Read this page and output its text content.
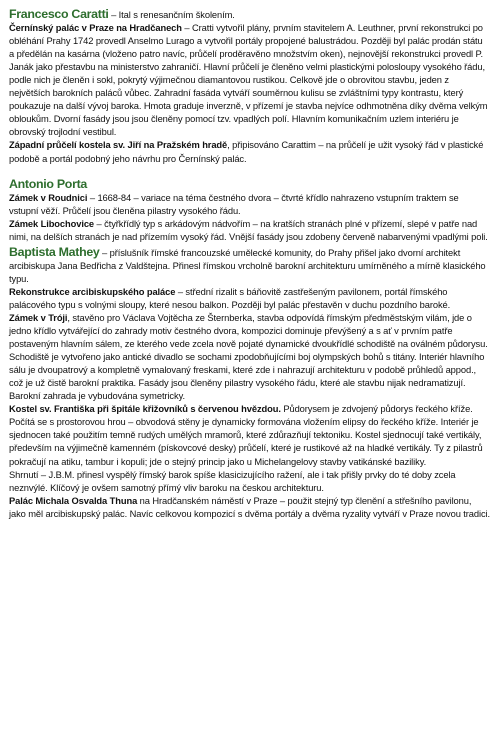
Francesco Caratti – Ital s renesančním školením.

Černínský palác v Praze na Hradčanech – Cratti vytvořil plány, prvním stavitelem A. Leuthner, první rekonstrukci po obléhání Prahy 1742 provedl Anselmo Lurago a vytvořil portály propojené balustrádou. Později byl palác prodán státu a předělán na kasárna (vloženo patro navíc, průčelí proděravěno množstvím oken), nejnovější rekonstrukci provedl P. Janák jako přestavbu na ministerstvo zahraničí. Hlavní průčelí je členěno velmi plastickými polosloupy vysokého řádu, podle nich je členěn i sokl, pokrytý výjimečnou diamantovou rustikou. Celkově jde o obrovitou stavbu, jeden z největších barokních paláců vůbec. Zahradní fasáda vytváří souměrnou kulisu se zvláštními typy kontrastu, který poukazuje na další vývoj baroka. Hmota graduje inverzně, v přízemí je stavba nejvíce odhmotněna díky dvěma velkým obloukům. Dvorní fasády jsou jsou členěny pomocí tzv. vpadlých polí. Hlavním komunikačním uzlem interiéru je obrovský trojlodní vestibul.

Západní průčelí kostela sv. Jiří na Pražském hradě, připisováno Carattim – na průčelí je užit vysoký řád v plastické podobě a portál podobný jeho návrhu pro Černínský palác.

Antonio Porta

Zámek v Roudnici – 1668-84 – variace na téma čestného dvora – čtvrté křídlo nahrazeno vstupním traktem se vstupní věží. Průčelí jsou členěna pilastry vysokého řádu.

Zámek Libochovice – čtyřkřídlý typ s arkádovým nádvořím – na kratších stranách plné v přízemí, slepé v patře nad nimi, na delších stranách je nad přízemím vysoký řád. Vnější fasády jsou zdobeny červeně nabarvenými vpadlými poli.

Baptista Mathey – příslušník římské francouzské umělecké komunity, do Prahy přišel jako dvorní architekt arcibiskupa Jana Bedřicha z Valdštejna. Přinesl římskou vrcholně barokní architekturu umírněného a mírně klasického typu.

Rekonstrukce arcibiskupského paláce – střední rizalit s báňovitě zastřešeným pavilonem, portál římského palácového typu s volnými sloupy, které nesou balkon. Později byl palác přestavěn v duchu pozdního baroké.

Zámek v Tróji, stavěno pro Václava Vojtěcha ze Šternberka, stavba odpovídá římským předměstským vilám, jde o jedno křídlo vytvářející do zahrady motiv čestného dvora, kompozici dominuje převýšený a s ať v prvním patře postaveným hlavním sálem, ze kterého vede zcela nově pojaté dynamické dvoukřídlé schodiště na oválném půdorysu. Schodiště je vytvořeno jako antické divadlo se sochami zpodobňujícími boj olympských bohů s titány. Interiér hlavního sálu je dvoupatrový a kompletně vymalovaný freskami, které zde i nahrazují architekturu v podobě průhledů appod., což je už čistě barokní praktika. Fasády jsou členěny pilastry vysokého řádu, které ale stavbu nijak nedramatizují. Barokní zahrada je vybudována symetricky.

Kostel sv. Františka při špitále křižovníků s červenou hvězdou. Půdorysem je zdvojený půdorys řeckého kříže. Počítá se s prostorovou hrou – obvodová stěny je dynamicky formována vložením elipsy do řeckého kříže. Interiér je sjednocen také použitím temně rudých umělých mramorů, které zdůrazňují tektoniku. Kostel sjednocují také vertikály, především na výjimečně kamenném (pískovcové desky) průčelí, které je rustikové až na hladké vertikály. Ty z pilastrů pokračují na atiku, tambur i kopuli; jde o stejný princip jako u Michelangelovy stavby vatikánské baziliky.

Shrnutí – J.B.M. přinesl vyspělý římský barok spíše klasicizujícího ražení, ale i tak přišly prvky do té doby zcela neznvýlé. Klíčový je ovšem samotný přímý vliv baroku na českou architekturu.

Palác Michala Osvalda Thuna na Hradčanském náměstí v Praze – použit stejný typ členění a střešního pavilonu, jako měl arcibiskupský palác. Navíc celkovou kompozicí s dvěma portály a dvěma ryzality vytváří v Praze novou tradici.
